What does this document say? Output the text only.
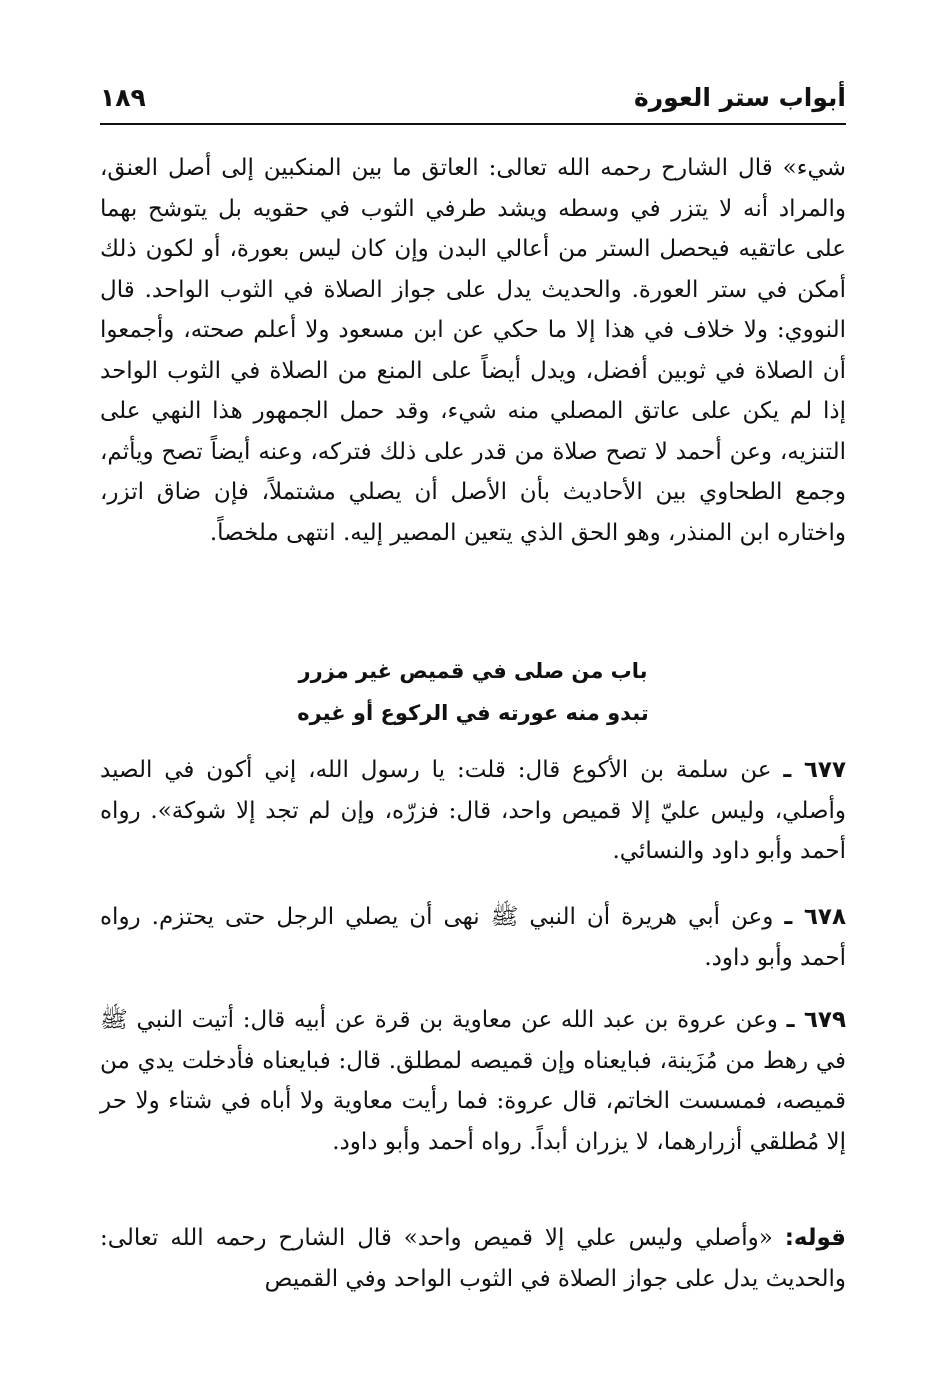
أبواب ستر العورة
١٨٩

شيء» قال الشارح رحمه الله تعالى: العاتق ما بين المنكبين إلى أصل العنق، والمراد أنه لا يتزر في وسطه ويشد طرفي الثوب في حقويه بل يتوشح بهما على عاتقيه فيحصل الستر من أعالي البدن وإن كان ليس بعورة، أو لكون ذلك أمكن في ستر العورة. والحديث يدل على جواز الصلاة في الثوب الواحد. قال النووي: ولا خلاف في هذا إلا ما حكي عن ابن مسعود ولا أعلم صحته، وأجمعوا أن الصلاة في ثوبين أفضل، ويدل أيضاً على المنع من الصلاة في الثوب الواحد إذا لم يكن على عاتق المصلي منه شيء، وقد حمل الجمهور هذا النهي على التنزيه، وعن أحمد لا تصح صلاة من قدر على ذلك فتركه، وعنه أيضاً تصح ويأثم، وجمع الطحاوي بين الأحاديث بأن الأصل أن يصلي مشتملاً، فإن ضاق اتزر، واختاره ابن المنذر، وهو الحق الذي يتعين المصير إليه. انتهى ملخصاً.

باب من صلى في قميص غير مزرر
تبدو منه عورته في الركوع أو غيره

٦٧٧ ـ عن سلمة بن الأكوع قال: قلت: يا رسول الله، إني أكون في الصيد وأصلي، وليس عليّ إلا قميص واحد، قال: فزرّه، وإن لم تجد إلا شوكة». رواه أحمد وأبو داود والنسائي.

٦٧٨ ـ وعن أبي هريرة أن النبي ﷺ نهى أن يصلي الرجل حتى يحتزم. رواه أحمد وأبو داود.

٦٧٩ ـ وعن عروة بن عبد الله عن معاوية بن قرة عن أبيه قال: أتيت النبي ﷺ في رهط من مُزَينة، فبايعناه وإن قميصه لمطلق. قال: فبايعناه فأدخلت يدي من قميصه، فمسست الخاتم، قال عروة: فما رأيت معاوية ولا أباه في شتاء ولا حر إلا مُطلقي أزرارهما، لا يزران أبداً. رواه أحمد وأبو داود.

قوله: «وأصلي وليس علي إلا قميص واحد» قال الشارح رحمه الله تعالى: والحديث يدل على جواز الصلاة في الثوب الواحد وفي القميص
